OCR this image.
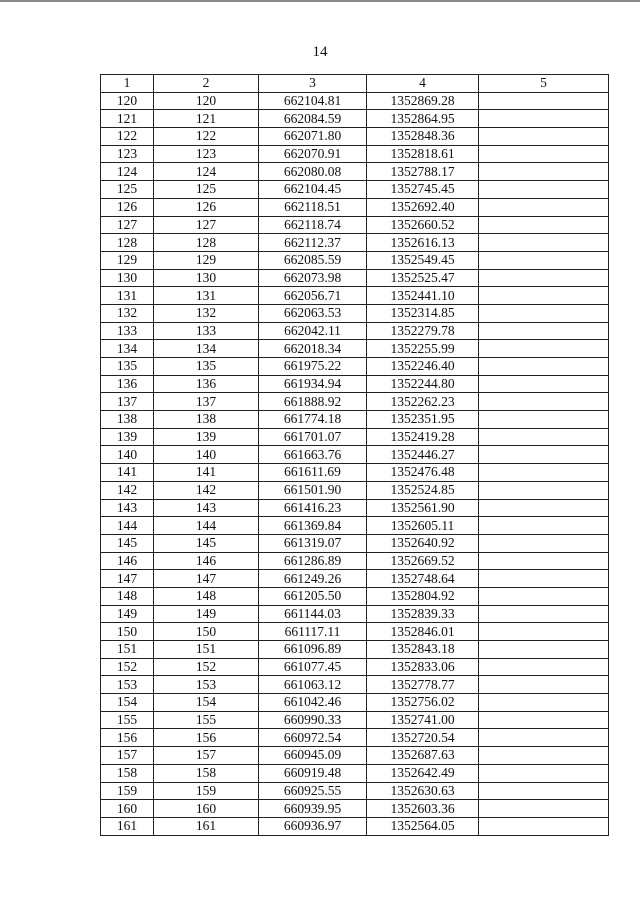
14
1	2	3	4	5
120	120	662104.81	1352869.28	
121	121	662084.59	1352864.95	
122	122	662071.80	1352848.36	
123	123	662070.91	1352818.61	
124	124	662080.08	1352788.17	
125	125	662104.45	1352745.45	
126	126	662118.51	1352692.40	
127	127	662118.74	1352660.52	
128	128	662112.37	1352616.13	
129	129	662085.59	1352549.45	
130	130	662073.98	1352525.47	
131	131	662056.71	1352441.10	
132	132	662063.53	1352314.85	
133	133	662042.11	1352279.78	
134	134	662018.34	1352255.99	
135	135	661975.22	1352246.40	
136	136	661934.94	1352244.80	
137	137	661888.92	1352262.23	
138	138	661774.18	1352351.95	
139	139	661701.07	1352419.28	
140	140	661663.76	1352446.27	
141	141	661611.69	1352476.48	
142	142	661501.90	1352524.85	
143	143	661416.23	1352561.90	
144	144	661369.84	1352605.11	
145	145	661319.07	1352640.92	
146	146	661286.89	1352669.52	
147	147	661249.26	1352748.64	
148	148	661205.50	1352804.92	
149	149	661144.03	1352839.33	
150	150	661117.11	1352846.01	
151	151	661096.89	1352843.18	
152	152	661077.45	1352833.06	
153	153	661063.12	1352778.77	
154	154	661042.46	1352756.02	
155	155	660990.33	1352741.00	
156	156	660972.54	1352720.54	
157	157	660945.09	1352687.63	
158	158	660919.48	1352642.49	
159	159	660925.55	1352630.63	
160	160	660939.95	1352603.36	
161	161	660936.97	1352564.05	
